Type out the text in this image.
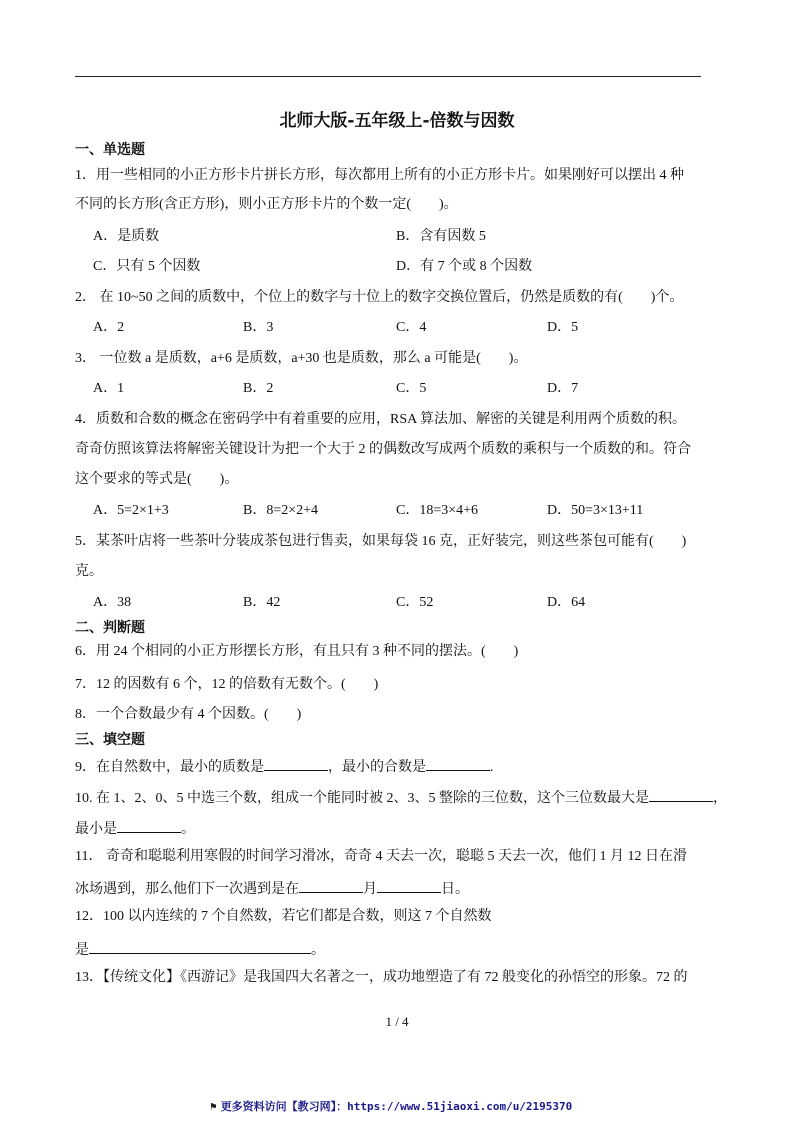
北师大版-五年级上-倍数与因数
一、单选题
1．用一些相同的小正方形卡片拼长方形，每次都用上所有的小正方形卡片。如果刚好可以摆出 4 种
不同的长方形(含正方形)，则小正方形卡片的个数一定(　　)。
A．是质数	B．含有因数 5
C．只有 5 个因数	D．有 7 个或 8 个因数
2． 在 10~50 之间的质数中，个位上的数字与十位上的数字交换位置后，仍然是质数的有(　　)个。
A．2	B．3	C．4	D．5
3． 一位数 a 是质数，a+6 是质数，a+30 也是质数，那么 a 可能是(　　)。
A．1	B．2	C．5	D．7
4．质数和合数的概念在密码学中有着重要的应用，RSA 算法加、解密的关键是利用两个质数的积。
奇奇仿照该算法将解密关键设计为把一个大于 2 的偶数改写成两个质数的乘积与一个质数的和。符合
这个要求的等式是(　　)。
A．5=2×1+3	B．8=2×2+4	C．18=3×4+6	D．50=3×13+11
5．某茶叶店将一些茶叶分装成茶包进行售卖，如果每袋 16 克，正好装完，则这些茶包可能有(　　)
克。
A．38	B．42	C．52	D．64
二、判断题
6．用 24 个相同的小正方形摆长方形，有且只有 3 种不同的摆法。(　　)
7．12 的因数有 6 个，12 的倍数有无数个。(　　)
8．一个合数最少有 4 个因数。(　　)
三、填空题
9．在自然数中，最小的质数是	，最小的合数是	.
10. 在 1、2、0、5 中选三个数，组成一个能同时被 2、3、5 整除的三位数，这个三位数最大是	，
最小是	。
11． 奇奇和聪聪利用寒假的时间学习滑冰，奇奇 4 天去一次，聪聪 5 天去一次，他们 1 月 12 日在滑
冰场遇到，那么他们下一次遇到是在	月	日。
12．100 以内连续的 7 个自然数，若它们都是合数，则这 7 个自然数
是	。
13．【传统文化】《西游记》是我国四大名著之一，成功地塑造了有 72 般变化的孙悟空的形象。72 的
1 / 4
⚑ 更多资料访问【教习网】：https://www.51jiaoxi.com/u/2195370
